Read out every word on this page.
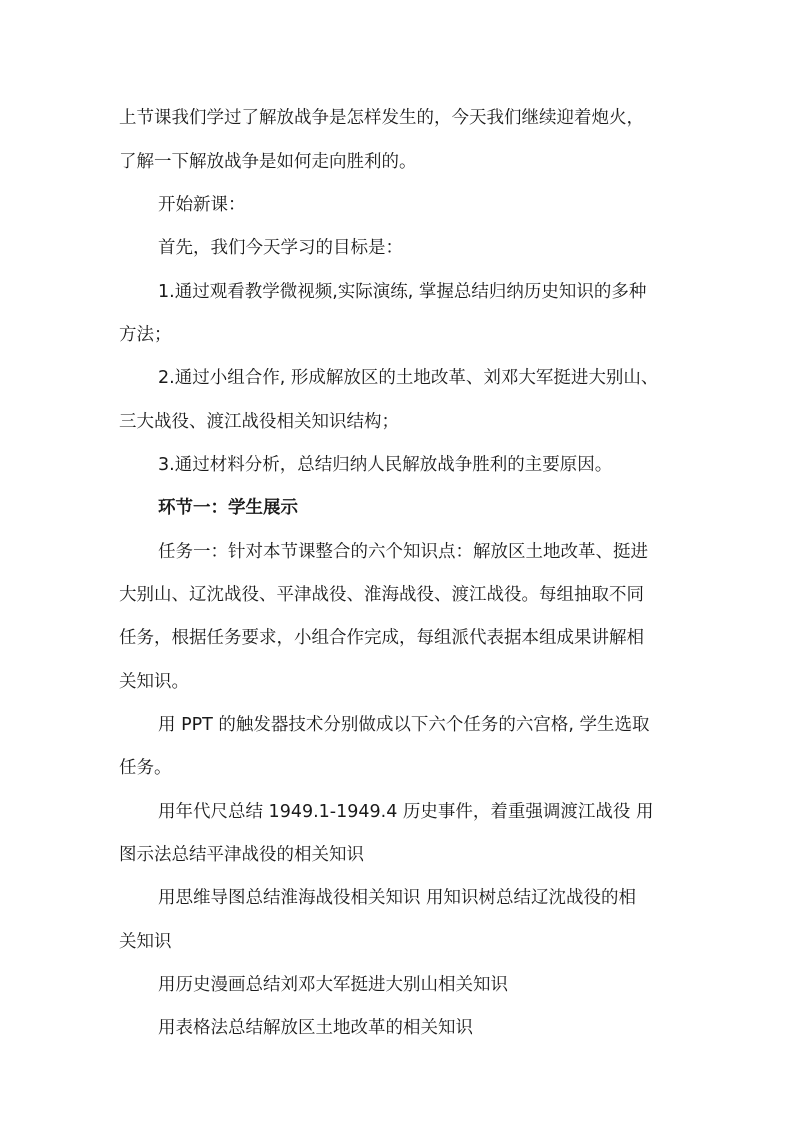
上节课我们学过了解放战争是怎样发生的，今天我们继续迎着炮火，
了解一下解放战争是如何走向胜利的。
开始新课：
首先，我们今天学习的目标是：
1.通过观看教学微视频,实际演练, 掌握总结归纳历史知识的多种
方法；
2.通过小组合作, 形成解放区的土地改革、刘邓大军挺进大别山、
三大战役、渡江战役相关知识结构；
3.通过材料分析，总结归纳人民解放战争胜利的主要原因。
环节一：学生展示
任务一：针对本节课整合的六个知识点：解放区土地改革、挺进
大别山、辽沈战役、平津战役、淮海战役、渡江战役。每组抽取不同
任务，根据任务要求，小组合作完成，每组派代表据本组成果讲解相
关知识。
用 PPT 的触发器技术分别做成以下六个任务的六宫格, 学生选取
任务。
用年代尺总结 1949.1-1949.4 历史事件，着重强调渡江战役 用
图示法总结平津战役的相关知识
用思维导图总结淮海战役相关知识 用知识树总结辽沈战役的相
关知识
用历史漫画总结刘邓大军挺进大别山相关知识
用表格法总结解放区土地改革的相关知识
